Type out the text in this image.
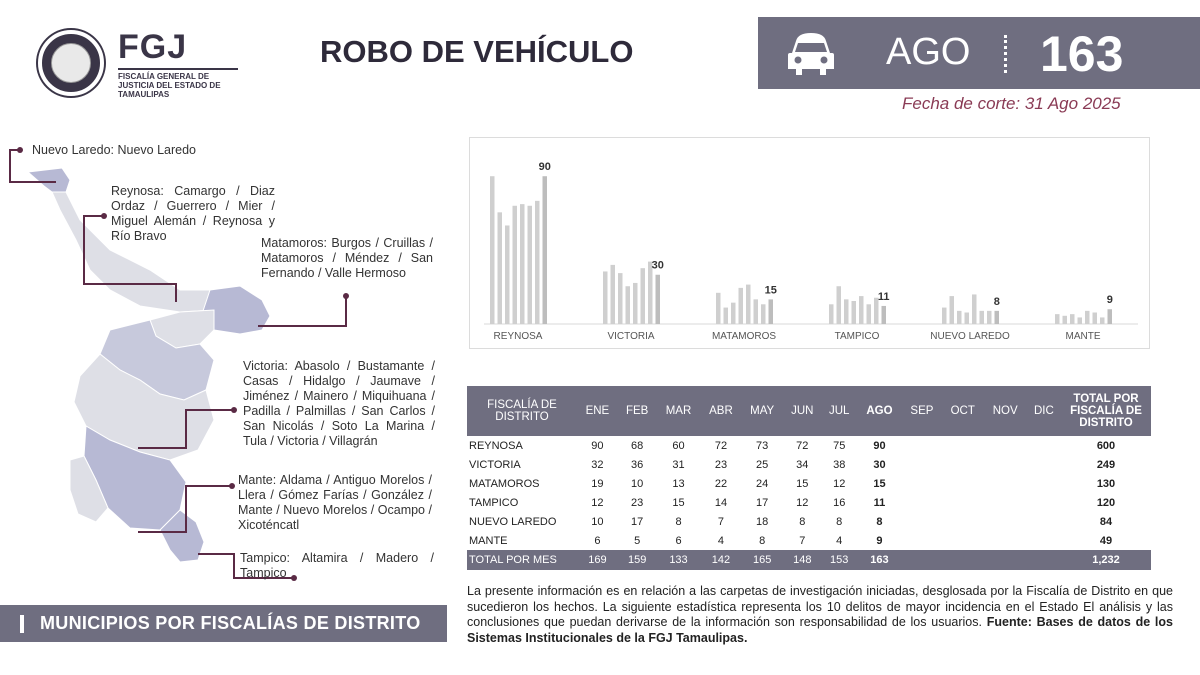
FGJ
FISCALÍA GENERAL DE JUSTICIA DEL ESTADO DE TAMAULIPAS
ROBO DE VEHÍCULO	AGO 163
Fecha de corte: 31 Ago 2025
Nuevo Laredo: Nuevo Laredo
Reynosa: Camargo / Diaz Ordaz / Guerrero / Mier / Miguel Alemán / Reynosa y Río Bravo	Matamoros: Burgos / Cruillas / Matamoros / Méndez / San Fernando / Valle Hermoso
Victoria: Abasolo / Bustamante / Casas / Hidalgo / Jaumave / Jiménez / Mainero / Miquihuana / Padilla / Palmillas / San Carlos / San Nicolás / Soto La Marina / Tula / Victoria / Villagrán
Mante: Aldama / Antiguo Morelos / Llera / Gómez Farías / González / Mante / Nuevo Morelos / Ocampo / Xicoténcatl
Tampico: Altamira / Madero / Tampico
90
REYNOSA
30
VICTORIA
15
MATAMOROS
11
TAMPICO
8
NUEVO LAREDO
9
MANTE
FISCALÍA DE DISTRITO	ENE	FEB	MAR	ABR	MAY	JUN	JUL	AGO	SEP	OCT	NOV	DIC	TOTAL POR FISCALÍA DE DISTRITO
REYNOSA	90	68	60	72	73	72	75	90					600
VICTORIA	32	36	31	23	25	34	38	30					249
MATAMOROS	19	10	13	22	24	15	12	15					130
TAMPICO	12	23	15	14	17	12	16	11					120
NUEVO LAREDO	10	17	8	7	18	8	8	8					84
MANTE	6	5	6	4	8	7	4	9					49
TOTAL POR MES	169	159	133	142	165	148	153	163					1,232
La presente información es en relación a las carpetas de investigación iniciadas, desglosada por la Fiscalía de Distrito en que sucedieron los hechos. La siguiente estadística representa los 10 delitos de mayor incidencia en el Estado El análisis y las conclusiones que puedan derivarse de la información son responsabilidad de los usuarios. Fuente: Bases de datos de los Sistemas Institucionales de la FGJ Tamaulipas.
MUNICIPIOS POR FISCALÍAS DE DISTRITO
